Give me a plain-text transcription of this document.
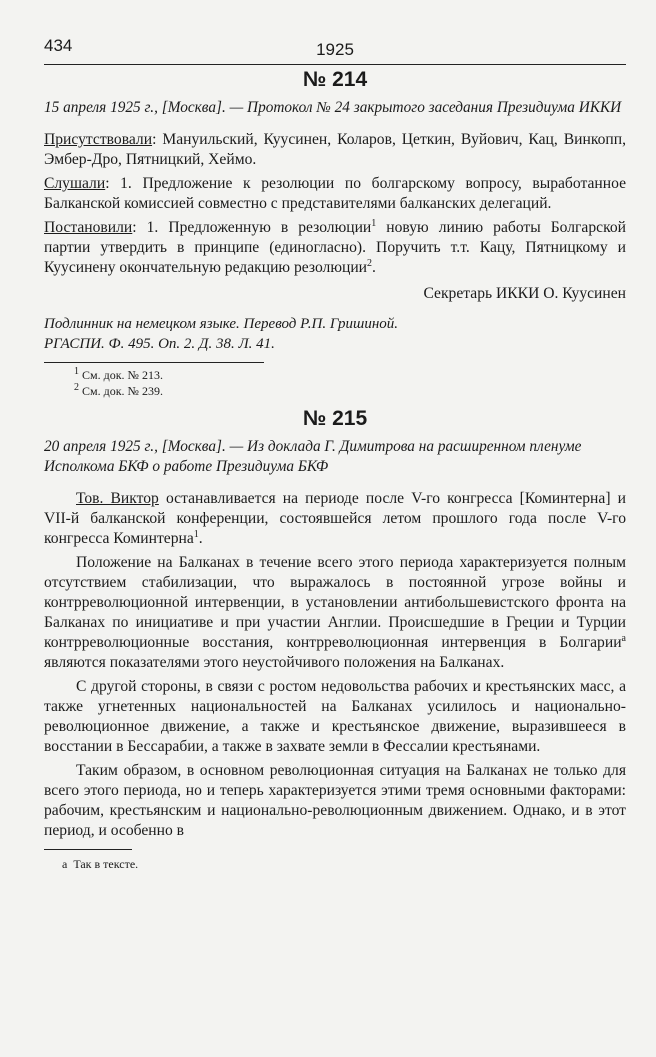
434	1925
№ 214

15 апреля 1925 г., [Москва]. — Протокол № 24 закрытого заседания Президиума ИККИ

Присутствовали: Мануильский, Куусинен, Коларов, Цеткин, Вуйович, Кац, Винкопп, Эмбер-Дро, Пятницкий, Хеймо.

Слушали: 1. Предложение к резолюции по болгарскому вопросу, выработанное Балканской комиссией совместно с представителями балканских делегаций.

Постановили: 1. Предложенную в резолюции$^1$ новую линию работы Болгарской партии утвердить в принципе (единогласно). Поручить т.т. Кацу, Пятницкому и Куусинену окончательную редакцию резолюции$^2$.

Секретарь ИККИ О. Куусинен
Подлинник на немецком языке. Перевод Р.П. Гришиной.
РГАСПИ. Ф. 495. Оп. 2. Д. 38. Л. 41.
$^1$ См. док. № 213.
$^2$ См. док. № 239.
№ 215

20 апреля 1925 г., [Москва]. — Из доклада Г. Димитрова на расширенном пленуме Исполкома БКФ о работе Президиума БКФ

Тов. Виктор останавливается на периоде после V-го конгресса [Коминтерна] и VII-й балканской конференции, состоявшейся летом прошлого года после V-го конгресса Коминтерна$^1$.

Положение на Балканах в течение всего этого периода характеризуется полным отсутствием стабилизации, что выражалось в постоянной угрозе войны и контрреволюционной интервенции, в установлении антибольшевистского фронта на Балканах по инициативе и при участии Англии. Происшедшие в Греции и Турции контрреволюционные восстания, контрреволюционная интервенция в Болгарии$^a$ являются показателями этого неустойчивого положения на Балканах.

С другой стороны, в связи с ростом недовольства рабочих и крестьянских масс, а также угнетенных национальностей на Балканах усилилось и национально-революционное движение, а также и крестьянское движение, выразившееся в восстании в Бессарабии, а также в захвате земли в Фессалии крестьянами.

Таким образом, в основном революционная ситуация на Балканах не только для всего этого периода, но и теперь характеризуется этими тремя основными факторами: рабочим, крестьянским и национально-революционным движением. Однако, и в этот период, и особенно в

а Так в тексте.
